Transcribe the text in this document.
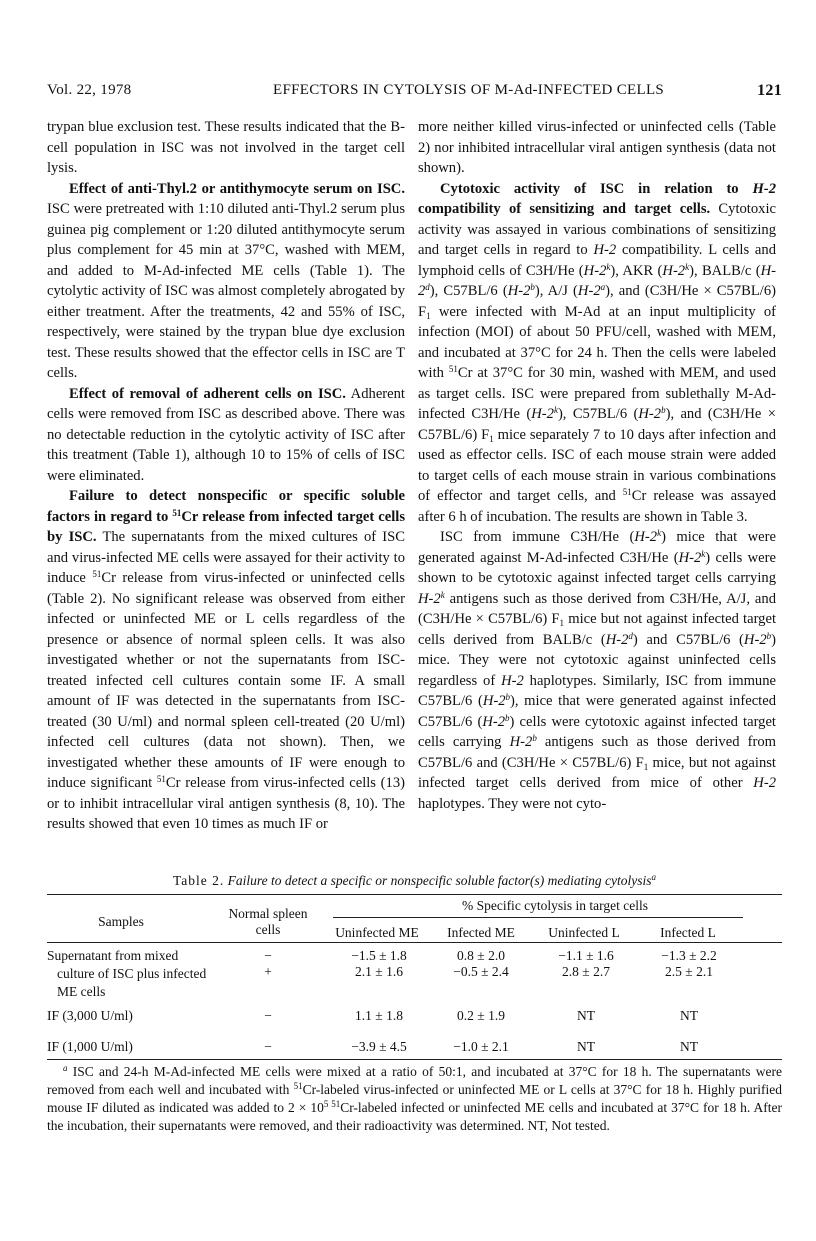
Vol. 22, 1978	EFFECTORS IN CYTOLYSIS OF M-Ad-INFECTED CELLS	121

trypan blue exclusion test. These results indicated that the B-cell population in ISC was not involved in the target cell lysis.

Effect of anti-Thyl.2 or antithymocyte serum on ISC. ISC were pretreated with 1:10 diluted anti-Thyl.2 serum plus guinea pig complement or 1:20 diluted antithymocyte serum plus complement for 45 min at 37°C, washed with MEM, and added to M-Ad-infected ME cells (Table 1). The cytolytic activity of ISC was almost completely abrogated by either treatment. After the treatments, 42 and 55% of ISC, respectively, were stained by the trypan blue dye exclusion test. These results showed that the effector cells in ISC are T cells.

Effect of removal of adherent cells on ISC. Adherent cells were removed from ISC as described above. There was no detectable reduction in the cytolytic activity of ISC after this treatment (Table 1), although 10 to 15% of cells of ISC were eliminated.

Failure to detect nonspecific or specific soluble factors in regard to $^{51}$Cr release from infected target cells by ISC. The supernatants from the mixed cultures of ISC and virus-infected ME cells were assayed for their activity to induce $^{51}$Cr release from virus-infected or uninfected cells (Table 2). No significant release was observed from either infected or uninfected ME or L cells regardless of the presence or absence of normal spleen cells. It was also investigated whether or not the supernatants from ISC-treated infected cell cultures contain some IF. A small amount of IF was detected in the supernatants from ISC-treated (30 U/ml) and normal spleen cell-treated (20 U/ml) infected cell cultures (data not shown). Then, we investigated whether these amounts of IF were enough to induce significant $^{51}$Cr release from virus-infected cells (13) or to inhibit intracellular viral antigen synthesis (8, 10). The results showed that even 10 times as much IF or

more neither killed virus-infected or uninfected cells (Table 2) nor inhibited intracellular viral antigen synthesis (data not shown).

Cytotoxic activity of ISC in relation to H-2 compatibility of sensitizing and target cells. Cytotoxic activity was assayed in various combinations of sensitizing and target cells in regard to H-2 compatibility. L cells and lymphoid cells of C3H/He (H-2$^k$), AKR (H-2$^k$), BALB/c (H-2$^d$), C57BL/6 (H-2$^b$), A/J (H-2$^a$), and (C3H/He × C57BL/6) $F_1$ were infected with M-Ad at an input multiplicity of infection (MOI) of about 50 PFU/cell, washed with MEM, and incubated at 37°C for 24 h. Then the cells were labeled with $^{51}$Cr at 37°C for 30 min, washed with MEM, and used as target cells. ISC were prepared from sublethally M-Ad-infected C3H/He (H-2$^k$), C57BL/6 (H-2$^b$), and (C3H/He × C57BL/6) $F_1$ mice separately 7 to 10 days after infection and used as effector cells. ISC of each mouse strain were added to target cells of each mouse strain in various combinations of effector and target cells, and $^{51}$Cr release was assayed after 6 h of incubation. The results are shown in Table 3.

ISC from immune C3H/He (H-2$^k$) mice that were generated against M-Ad-infected C3H/He (H-2$^k$) cells were shown to be cytotoxic against infected target cells carrying H-2$^k$ antigens such as those derived from C3H/He, A/J, and (C3H/He × C57BL/6) $F_1$ mice but not against infected target cells derived from BALB/c (H-2$^d$) and C57BL/6 (H-2$^b$) mice. They were not cytotoxic against uninfected cells regardless of H-2 haplotypes. Similarly, ISC from immune C57BL/6 (H-2$^b$), mice that were generated against infected C57BL/6 (H-2$^b$) cells were cytotoxic against infected target cells carrying H-2$^b$ antigens such as those derived from C57BL/6 and (C3H/He × C57BL/6) $F_1$ mice, but not against infected target cells derived from mice of other H-2 haplotypes. They were not cyto-

Table 2. Failure to detect a specific or nonspecific soluble factor(s) mediating cytolysis$^a$
Samples
Normal spleen
cells
% Specific cytolysis in target cells
Uninfected ME	Infected ME	Uninfected L	Infected L
Supernatant from mixed culture of ISC plus infected ME cells
−	−1.5 ± 1.8	0.8 ± 2.0	−1.1 ± 1.6	−1.3 ± 2.2
+	2.1 ± 1.6	−0.5 ± 2.4	2.8 ± 2.7	2.5 ± 2.1
IF (3,000 U/ml)	−	1.1 ± 1.8	0.2 ± 1.9	NT	NT
IF (1,000 U/ml)	−	−3.9 ± 4.5	−1.0 ± 2.1	NT	NT
$^a$ ISC and 24-h M-Ad-infected ME cells were mixed at a ratio of 50:1, and incubated at 37°C for 18 h. The supernatants were removed from each well and incubated with $^{51}$Cr-labeled virus-infected or uninfected ME or L cells at 37°C for 18 h. Highly purified mouse IF diluted as indicated was added to $2 \times 10^5$ $^{51}$Cr-labeled infected or uninfected ME cells and incubated at 37°C for 18 h. After the incubation, their supernatants were removed, and their radioactivity was determined. NT, Not tested.
